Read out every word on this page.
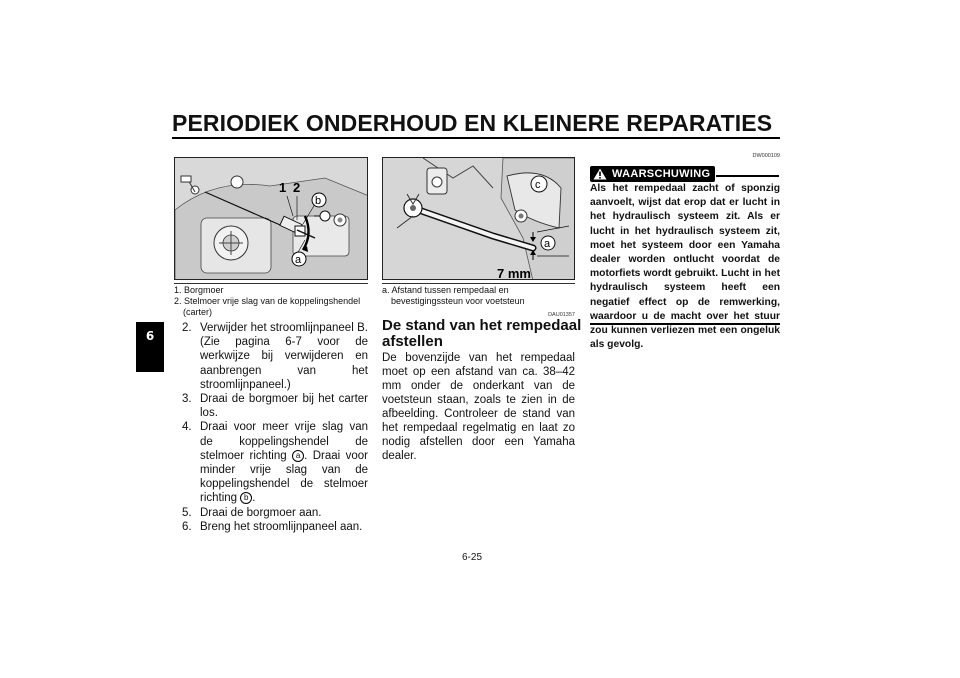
PERIODIEK ONDERHOUD EN KLEINERE REPARATIES
6
1 2
b
a
1. Borgmoer
2. Stelmoer vrije slag van de koppelingshendel
(carter)

2. Verwijder het stroomlijnpaneel B. (Zie pagina 6-7 voor de werkwijze bij verwijderen en aanbrengen van het stroomlijnpaneel.)

3. Draai de borgmoer bij het carter los.

4. Draai voor meer vrije slag van de koppelingshendel de stelmoer richting a . Draai voor minder vrije slag van de koppelingshendel de stelmoer richting b .

5. Draai de borgmoer aan.

6. Breng het stroomlijnpaneel aan.

c
a
7 mm
a. Afstand tussen rempedaal en
bevestigingssteun voor voetsteun
DAU01357
De stand van het rempedaal afstellen
De bovenzijde van het rempedaal moet op een afstand van ca. 38–42 mm onder de onderkant van de voetsteun staan, zoals te zien in de afbeelding. Controleer de stand van het rempedaal regelmatig en laat zo nodig afstellen door een Yamaha dealer.
DW000109
WAARSCHUWING
Als het rempedaal zacht of sponzig aanvoelt, wijst dat erop dat er lucht in het hydraulisch systeem zit. Als er lucht in het hydraulisch systeem zit, moet het systeem door een Yamaha dealer worden ontlucht voordat de motorfiets wordt gebruikt. Lucht in het hydraulisch systeem heeft een negatief effect op de remwerking, waardoor u de macht over het stuur zou kunnen verliezen met een ongeluk als gevolg.
6-25
